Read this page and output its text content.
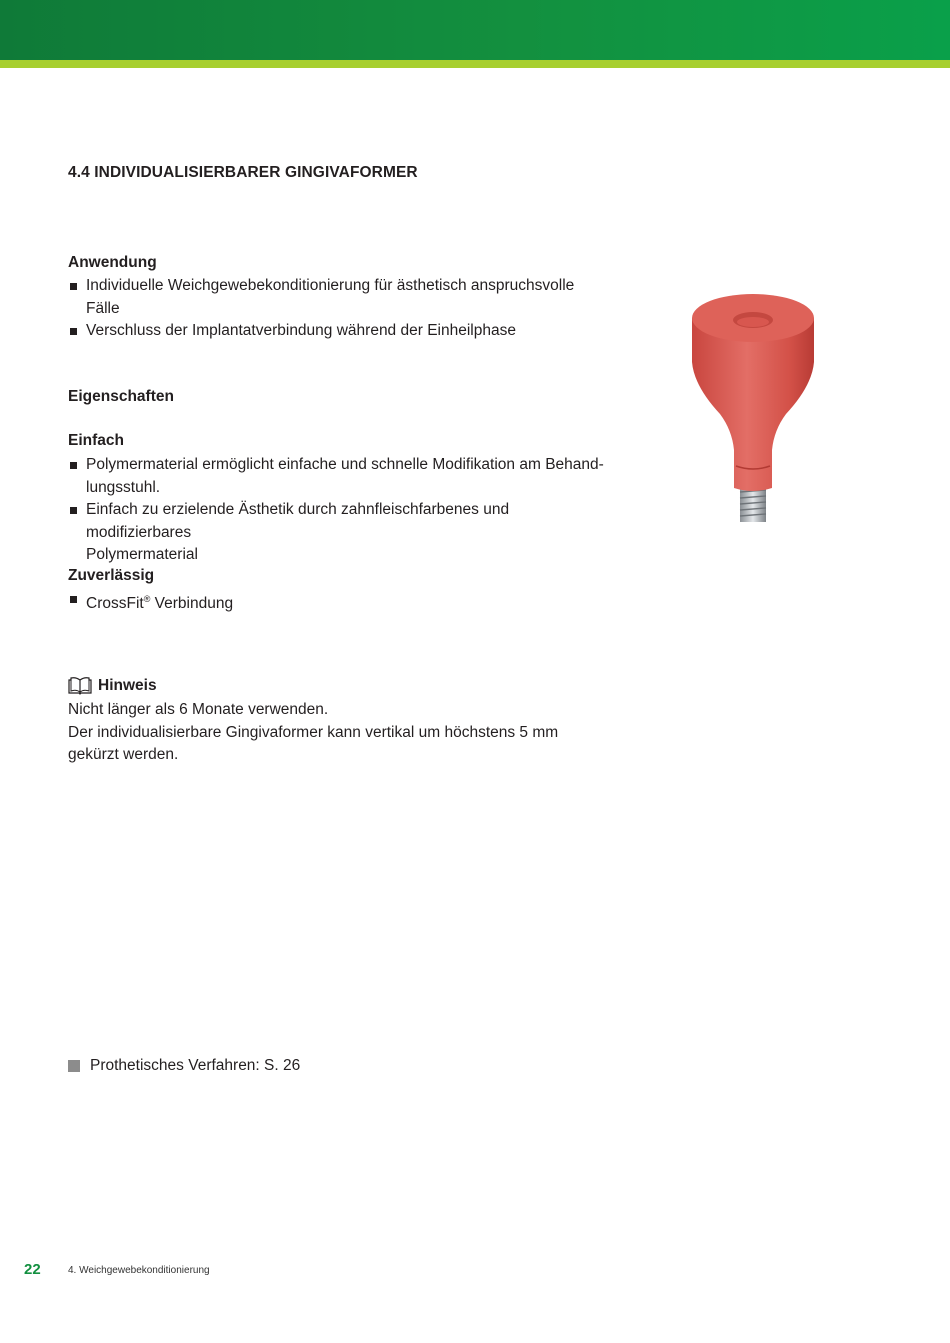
4.4 INDIVIDUALISIERBARER GINGIVAFORMER
Anwendung
Individuelle Weichgewebekonditionierung für ästhetisch anspruchsvolle Fälle
Verschluss der Implantatverbindung während der Einheilphase
Eigenschaften
Einfach
Polymermaterial ermöglicht einfache und schnelle Modifikation am Behand-
lungsstuhl.
Einfach zu erzielende Ästhetik durch zahnfleischfarbenes und modifizierbares
Polymermaterial
Zuverlässig
CrossFit® Verbindung
Hinweis
Nicht länger als 6 Monate verwenden.
Der individualisierbare Gingivaformer kann vertikal um höchstens 5 mm
gekürzt werden.
Prothetisches Verfahren: S. 26
22	4. Weichgewebekonditionierung
